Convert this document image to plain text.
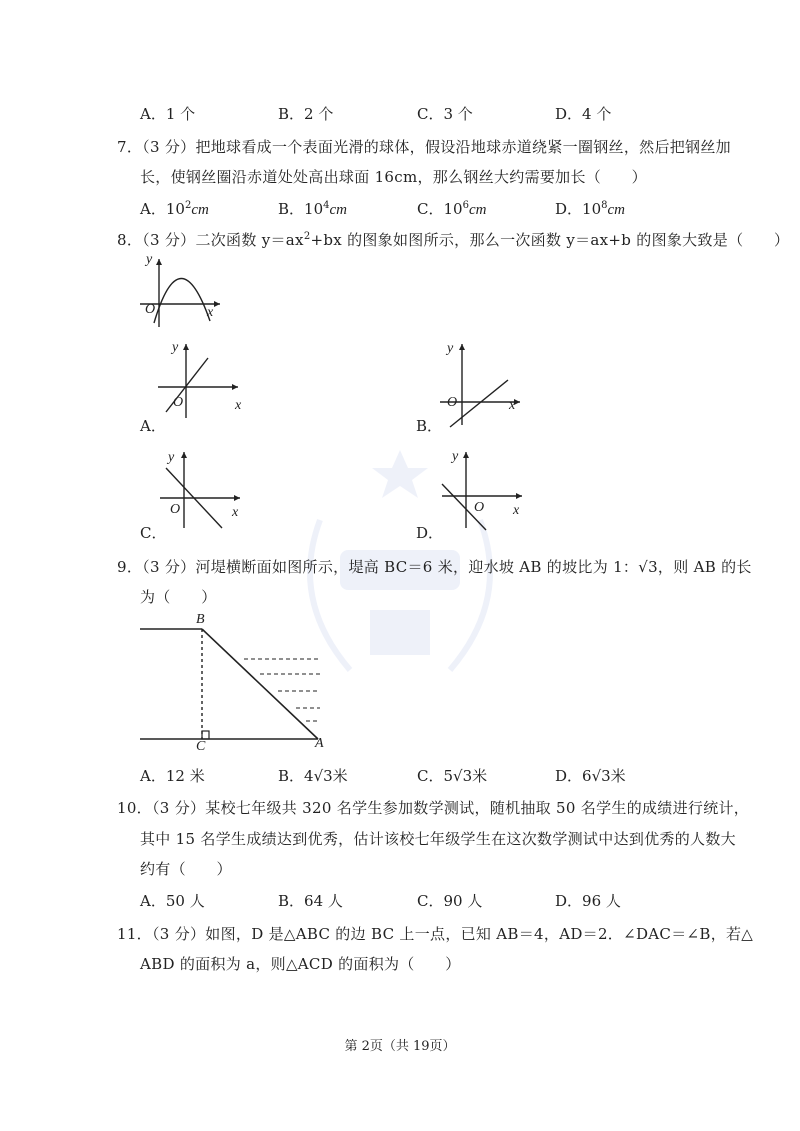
A．1 个	B．2 个	C．3 个	D．4 个
7．（3 分）把地球看成一个表面光滑的球体，假设沿地球赤道绕紧一圈钢丝，然后把钢丝加
长，使钢丝圈沿赤道处处高出球面 16cm，那么钢丝大约需要加长（　　）
A．$10^2cm$	B．$10^4cm$	C．$10^6cm$	D．$10^8cm$
8．（3 分）二次函数 $y=ax^2+bx$ 的图象如图所示，那么一次函数 y＝ax+b 的图象大致是（　　）
y
O	x
y
O	x
A．
y
O	x
B．
y
O	x
C．
y
O x
D．
9．（3 分）河堤横断面如图所示，堤高 BC＝6 米，迎水坡 AB 的坡比为 1：√3，则 AB 的长
为（　　）
B
C	A
A．12 米	B．4√3米	C．5√3米	D．6√3米
10．（3 分）某校七年级共 320 名学生参加数学测试，随机抽取 50 名学生的成绩进行统计，
其中 15 名学生成绩达到优秀，估计该校七年级学生在这次数学测试中达到优秀的人数大
约有（　　）
A．50 人	B．64 人	C．90 人	D．96 人
11．（3 分）如图，D 是△ABC 的边 BC 上一点，已知 AB＝4，AD＝2．∠DAC＝∠B，若△
ABD 的面积为 a，则△ACD 的面积为（　　）
第 2页（共 19页）
